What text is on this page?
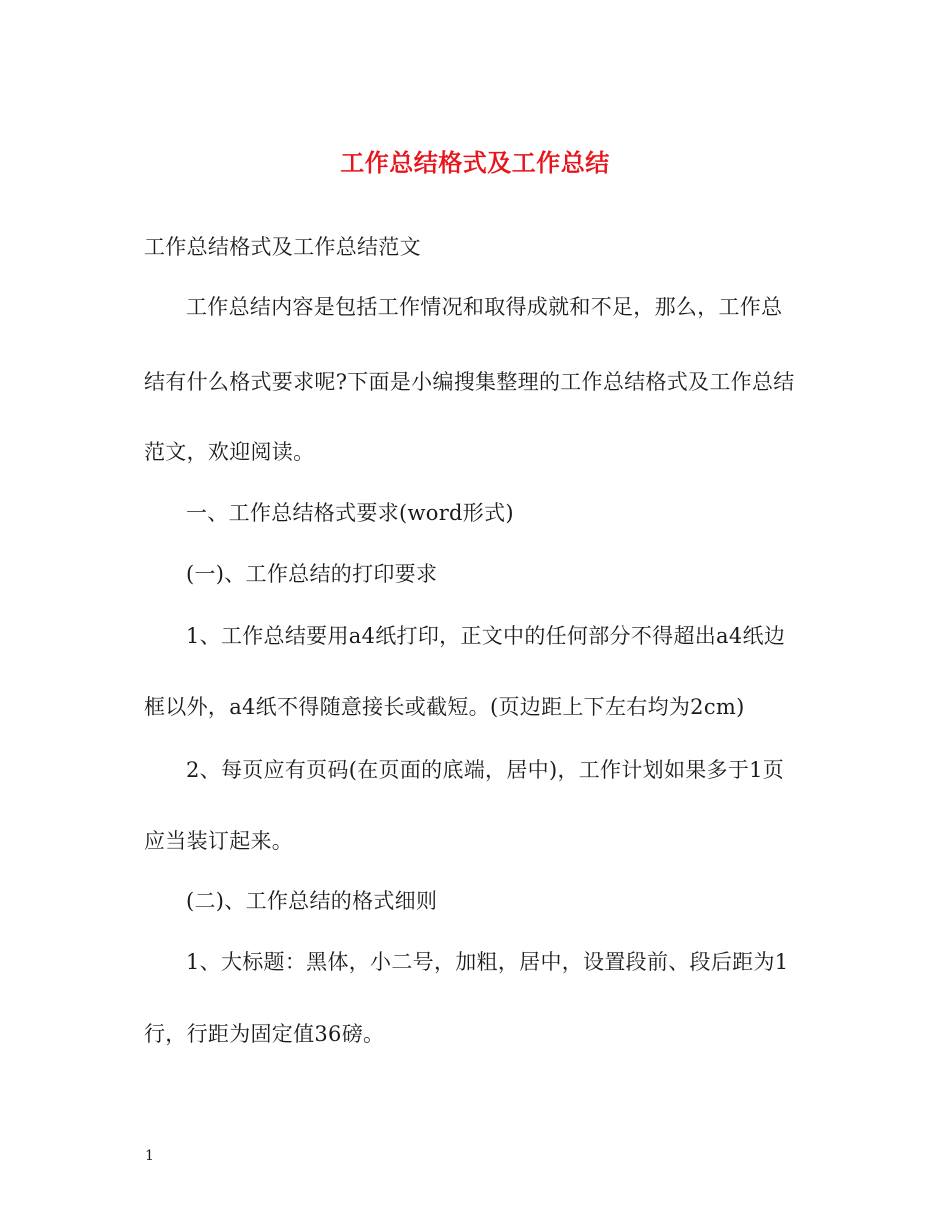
工作总结格式及工作总结
工作总结格式及工作总结范文
工作总结内容是包括工作情况和取得成就和不足，那么，工作总
结有什么格式要求呢?下面是小编搜集整理的工作总结格式及工作总结
范文，欢迎阅读。
一、工作总结格式要求(word形式)
(一)、工作总结的打印要求
1、工作总结要用a4纸打印，正文中的任何部分不得超出a4纸边
框以外，a4纸不得随意接长或截短。(页边距上下左右均为2cm)
2、每页应有页码(在页面的底端，居中)，工作计划如果多于1页
应当装订起来。
(二)、工作总结的格式细则
1、大标题：黑体，小二号，加粗，居中，设置段前、段后距为1
行，行距为固定值36磅。
1
